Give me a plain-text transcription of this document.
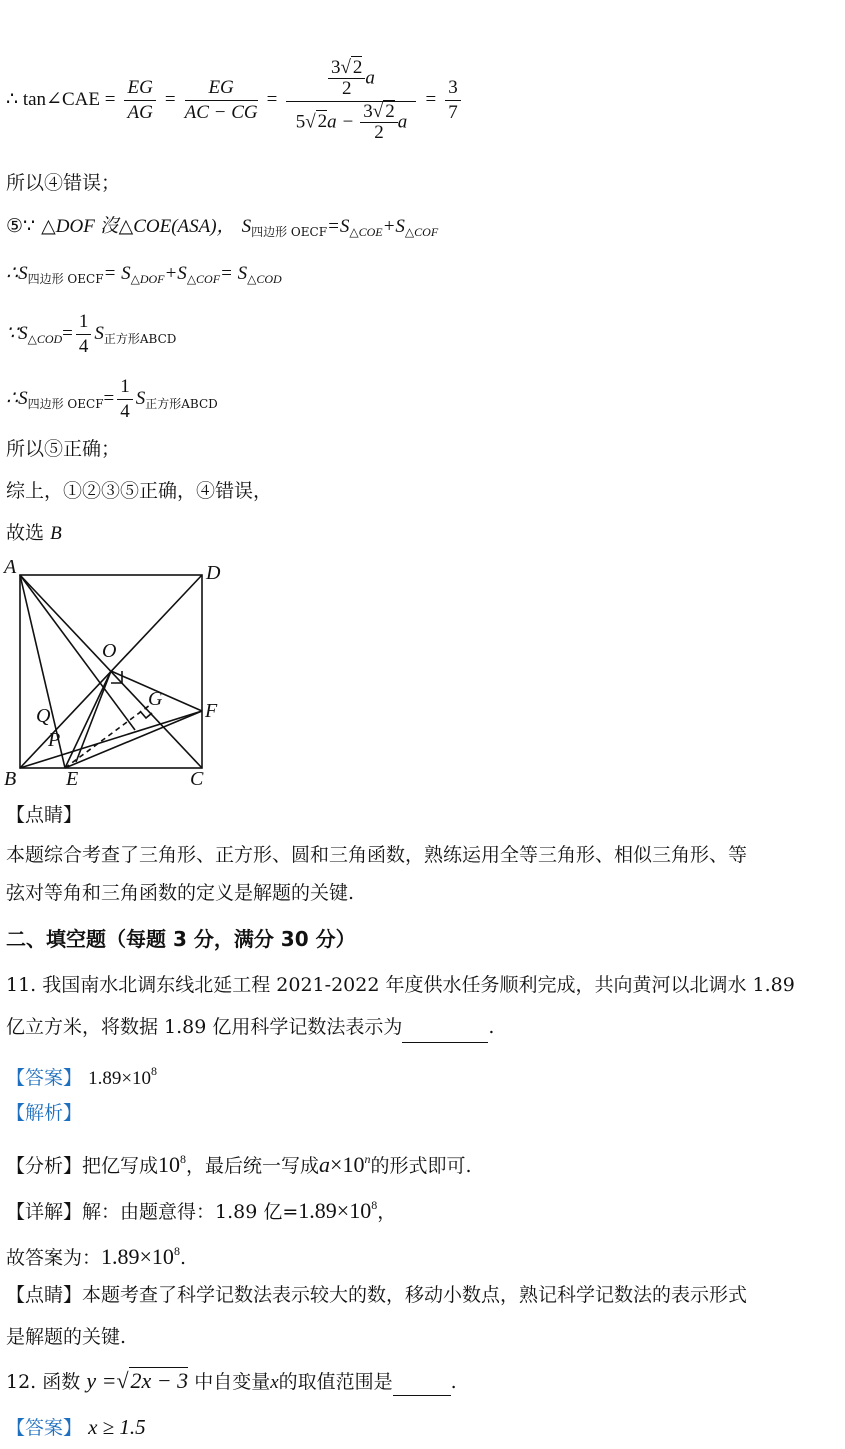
∴ tan∠CAE = $\frac{EG}{AG} = \frac{EG}{AC - CG} = \frac{\frac{3√ 2}{2} a}{5√ 2a - \frac{3√ 2}{2} a} = \frac{3}{7}$
所以④错误；
⑤∵ △DOF 沒△COE(ASA)， $S_{四边形 OECF}=S_{\triangle COE}+S_{\triangle COF}$
$\therefore S_{四边形 OECF}= S_{\triangle DOF}+S_{\triangle COF}= S_{\triangle COD}$
$\because S_{\triangle COD}= \frac{1}{4} S_{正方形ABCD}$
$\therefore S_{四边形 OECF}= \frac{1}{4} S_{正方形ABCD}$
所以⑤正确；
综上，①②③⑤正确，④错误，
故选 B
A	D
O
G
F
Q
P
B E	C
【点睛】
本题综合考查了三角形、正方形、圆和三角函数，熟练运用全等三角形、相似三角形、等
弦对等角和三角函数的定义是解题的关键.
二、填空题（每题 3 分，满分 30 分）
11. 我国南水北调东线北延工程 2021-2022 年度供水任务顺利完成，共向黄河以北调水 1.89
亿立方米，将数据 1.89 亿用科学记数法表示为	.
【答案】 $1.89\times 10^8$
【解析】
【分析】把亿写成$10^8$，最后统一写成$a\times 10^n$的形式即可.
【详解】解：由题意得：1.89 亿$=1.89\times 10^8$，
故答案为：$1.89\times 10^8$.
【点睛】本题考查了科学记数法表示较大的数，移动小数点，熟记科学记数法的表示形式
是解题的关键.
12. 函数 y =√2x − 3 中自变量x的取值范围是	.
【答案】 x ≥ 1.5
